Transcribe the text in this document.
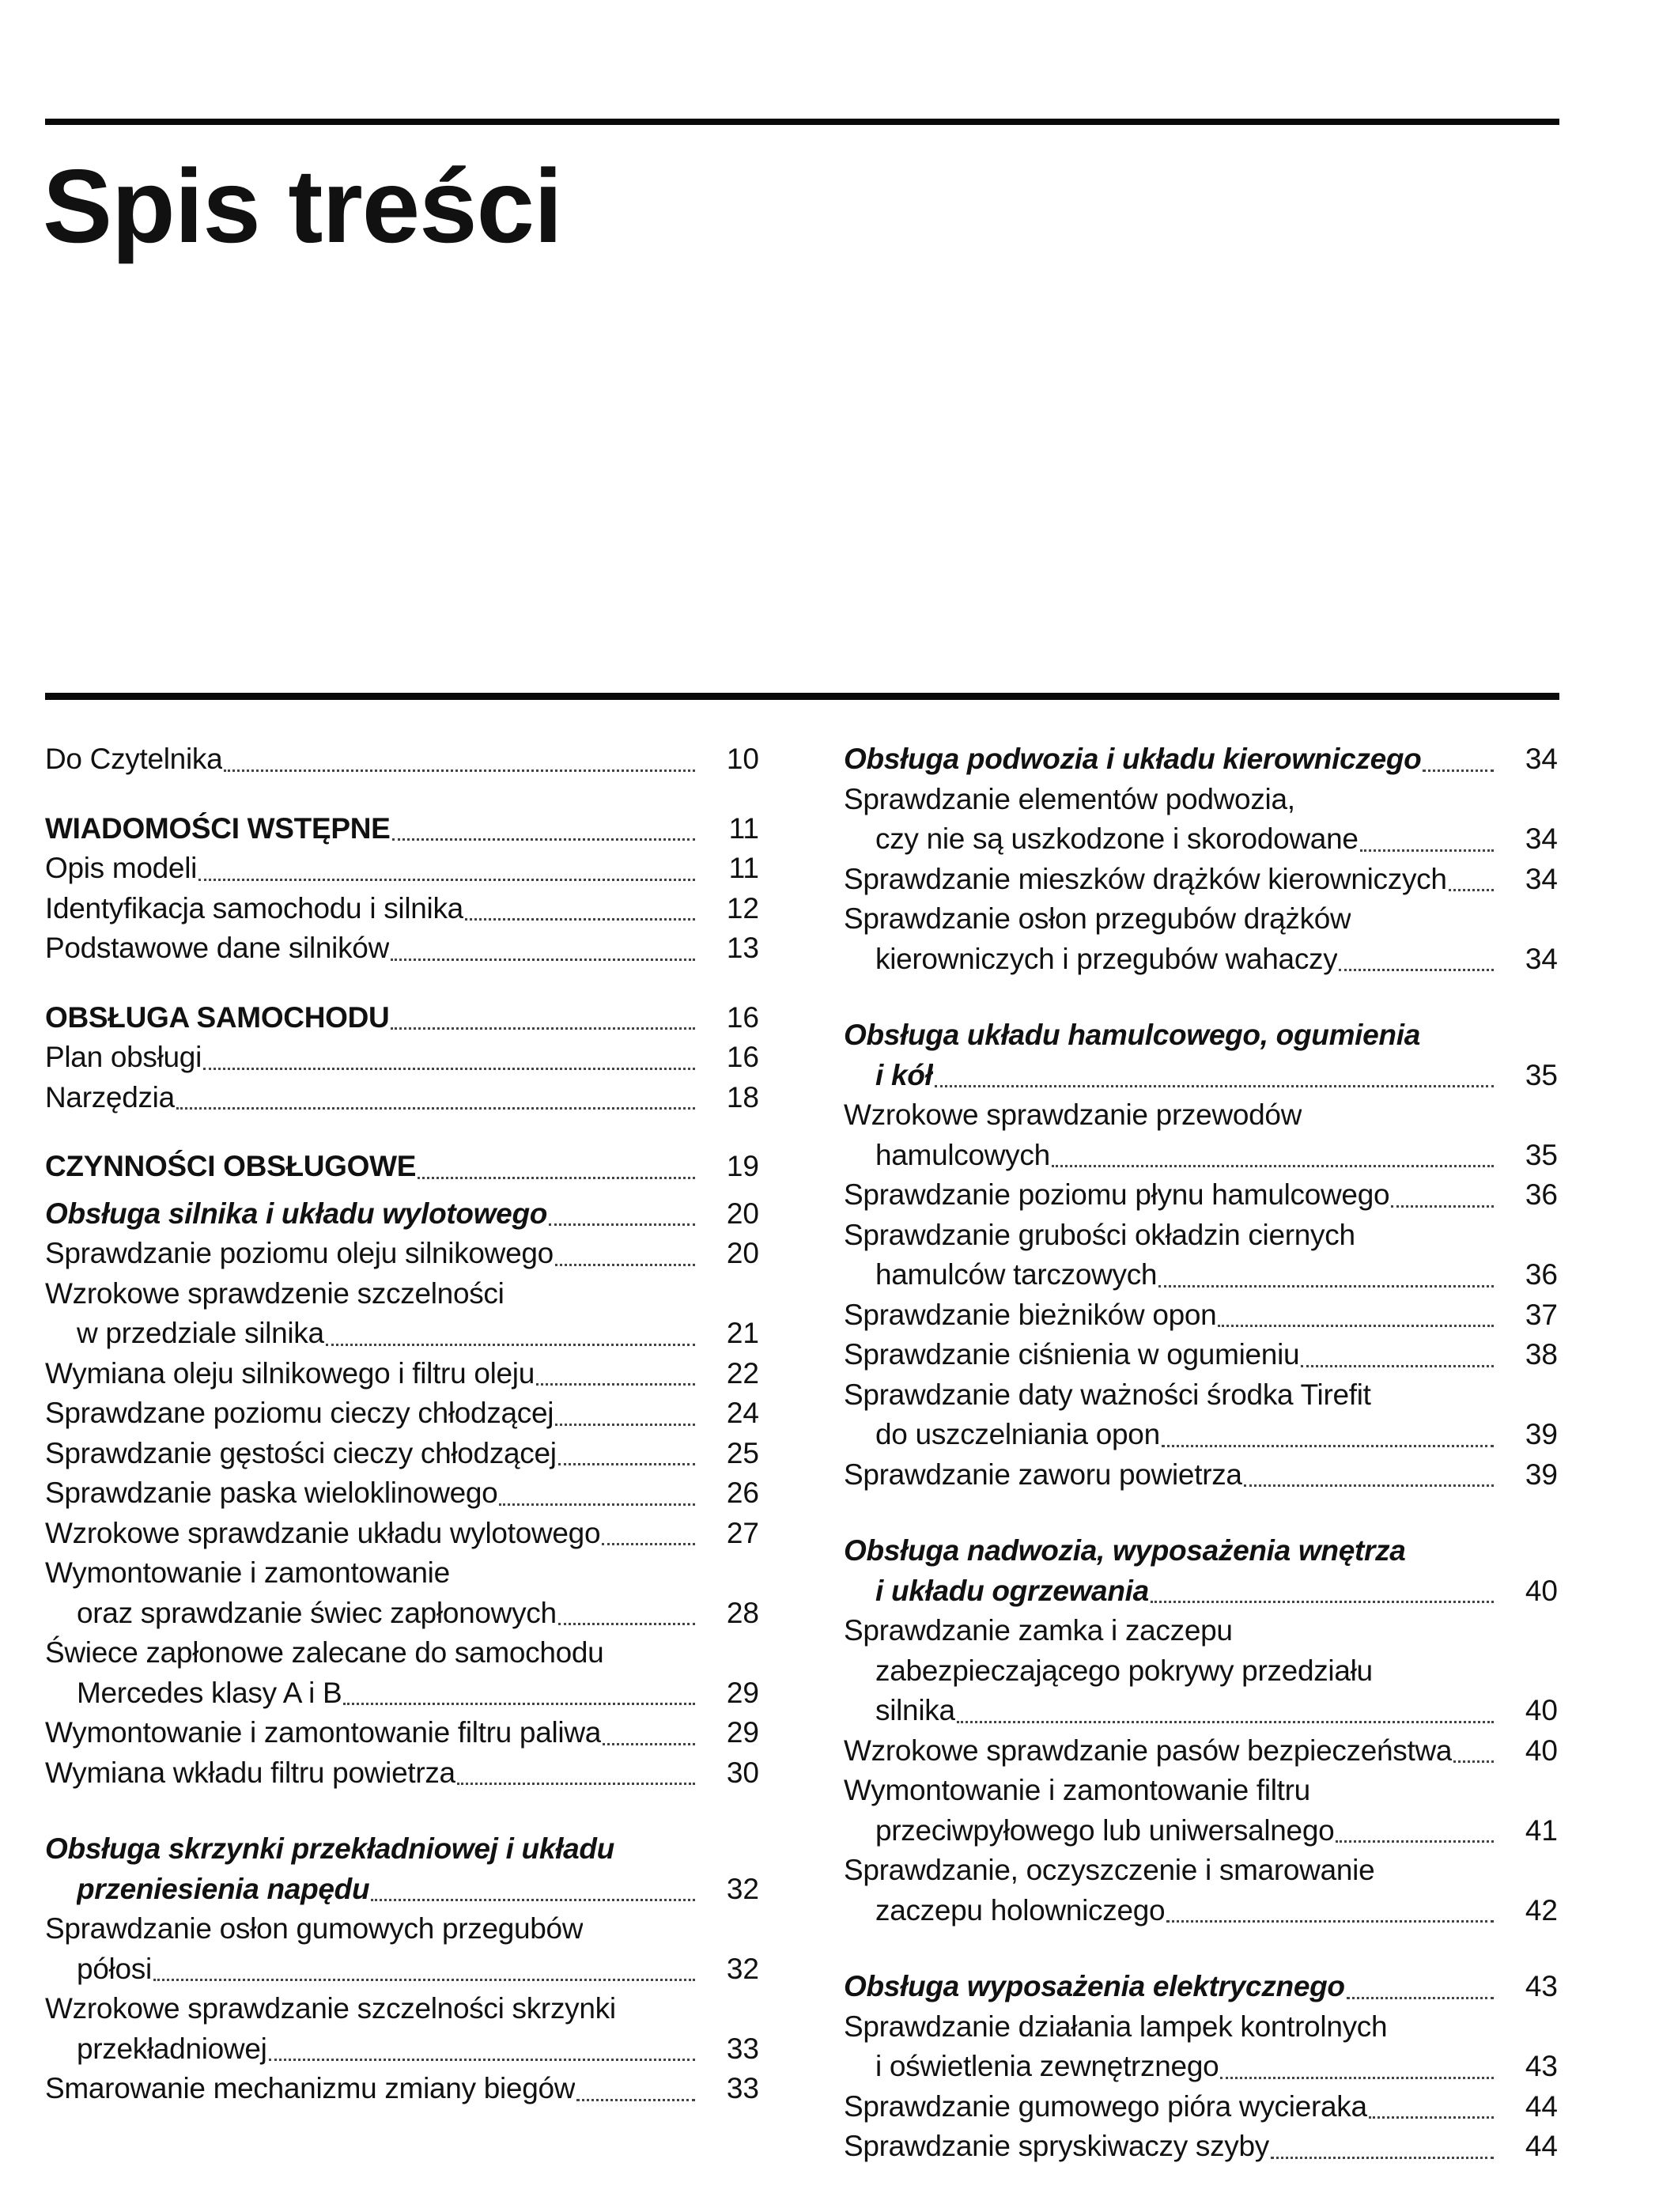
Spis treści
Do Czytelnika	10
WIADOMOŚCI WSTĘPNE	11
Opis modeli	11
Identyfikacja samochodu i silnika	12
Podstawowe dane silników	13
OBSŁUGA SAMOCHODU	16
Plan obsługi	16
Narzędzia	18
CZYNNOŚCI OBSŁUGOWE	19
Obsługa silnika i układu wylotowego	20
Sprawdzanie poziomu oleju silnikowego	20
Wzrokowe sprawdzenie szczelności
w przedziale silnika	21
Wymiana oleju silnikowego i filtru oleju	22
Sprawdzane poziomu cieczy chłodzącej	24
Sprawdzanie gęstości cieczy chłodzącej	25
Sprawdzanie paska wieloklinowego	26
Wzrokowe sprawdzanie układu wylotowego	27
Wymontowanie i zamontowanie
oraz sprawdzanie świec zapłonowych	28
Świece zapłonowe zalecane do samochodu
Mercedes klasy A i B	29
Wymontowanie i zamontowanie filtru paliwa	29
Wymiana wkładu filtru powietrza	30
Obsługa skrzynki przekładniowej i układu
przeniesienia napędu	32
Sprawdzanie osłon gumowych przegubów
półosi	32
Wzrokowe sprawdzanie szczelności skrzynki
przekładniowej	33
Smarowanie mechanizmu zmiany biegów	33
Obsługa podwozia i układu kierowniczego	34
Sprawdzanie elementów podwozia,
czy nie są uszkodzone i skorodowane	34
Sprawdzanie mieszków drążków kierowniczych	34
Sprawdzanie osłon przegubów drążków
kierowniczych i przegubów wahaczy	34
Obsługa układu hamulcowego, ogumienia
i kół	35
Wzrokowe sprawdzanie przewodów
hamulcowych	35
Sprawdzanie poziomu płynu hamulcowego	36
Sprawdzanie grubości okładzin ciernych
hamulców tarczowych	36
Sprawdzanie bieżników opon	37
Sprawdzanie ciśnienia w ogumieniu	38
Sprawdzanie daty ważności środka Tirefit
do uszczelniania opon	39
Sprawdzanie zaworu powietrza	39
Obsługa nadwozia, wyposażenia wnętrza
i układu ogrzewania	40
Sprawdzanie zamka i zaczepu
zabezpieczającego pokrywy przedziału
silnika	40
Wzrokowe sprawdzanie pasów bezpieczeństwa	40
Wymontowanie i zamontowanie filtru
przeciwpyłowego lub uniwersalnego	41
Sprawdzanie, oczyszczenie i smarowanie
zaczepu holowniczego	42
Obsługa wyposażenia elektrycznego	43
Sprawdzanie działania lampek kontrolnych
i oświetlenia zewnętrznego	43
Sprawdzanie gumowego pióra wycieraka	44
Sprawdzanie spryskiwaczy szyby	44
